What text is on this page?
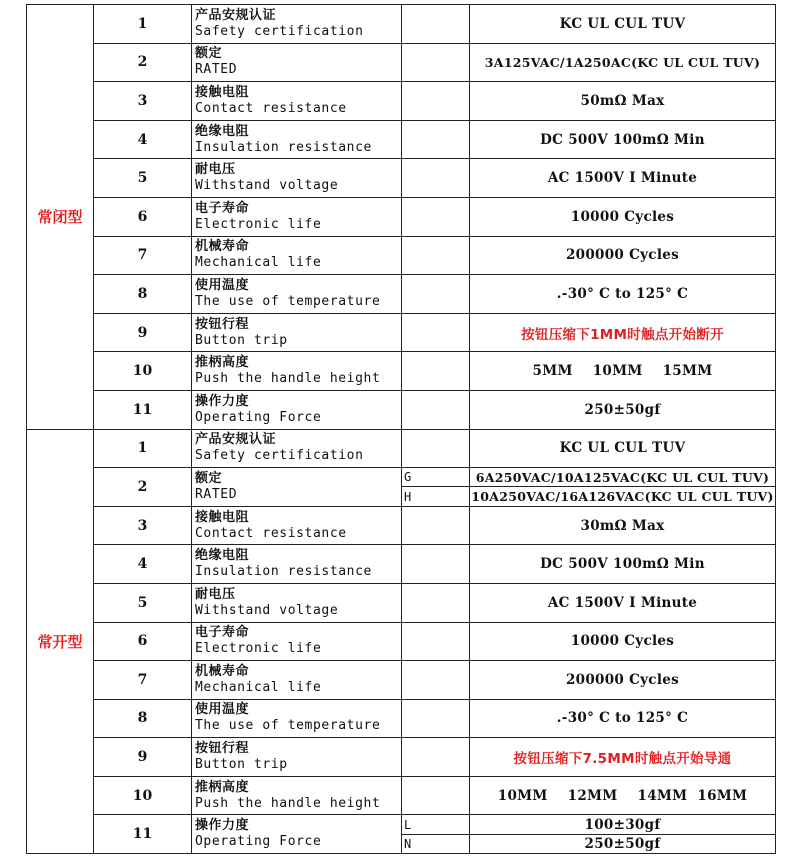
常闭型	1	产品安规认证
Safety certification		KC UL CUL TUV
	2	额定
RATED		3A125VAC/1A250AC(KC UL CUL TUV)
	3	接触电阻
Contact resistance		50mΩ Max
	4	绝缘电阻
Insulation resistance		DC 500V 100mΩ Min
	5	耐电压
Withstand voltage		AC 1500V I Minute
	6	电子寿命
Electronic life		10000 Cycles
	7	机械寿命
Mechanical life		200000 Cycles
	8	使用温度
The use of temperature		.-30° C to 125° C
	9	按钮行程
Button trip		按钮压缩下1MM时触点开始断开
	10	推柄高度
Push the handle height		5MM    10MM    15MM
	11	操作力度
Operating Force		250±50gf
常开型	1	产品安规认证
Safety certification		KC UL CUL TUV
	2	额定
RATED	G	6A250VAC/10A125VAC(KC UL CUL TUV)
			H	10A250VAC/16A126VAC(KC UL CUL TUV)
	3	接触电阻
Contact resistance		30mΩ Max
	4	绝缘电阻
Insulation resistance		DC 500V 100mΩ Min
	5	耐电压
Withstand voltage		AC 1500V I Minute
	6	电子寿命
Electronic life		10000 Cycles
	7	机械寿命
Mechanical life		200000 Cycles
	8	使用温度
The use of temperature		.-30° C to 125° C
	9	按钮行程
Button trip		按钮压缩下7.5MM时触点开始导通
	10	推柄高度
Push the handle height		10MM    12MM    14MM  16MM
	11	操作力度
Operating Force	L	100±30gf
			N	250±50gf
